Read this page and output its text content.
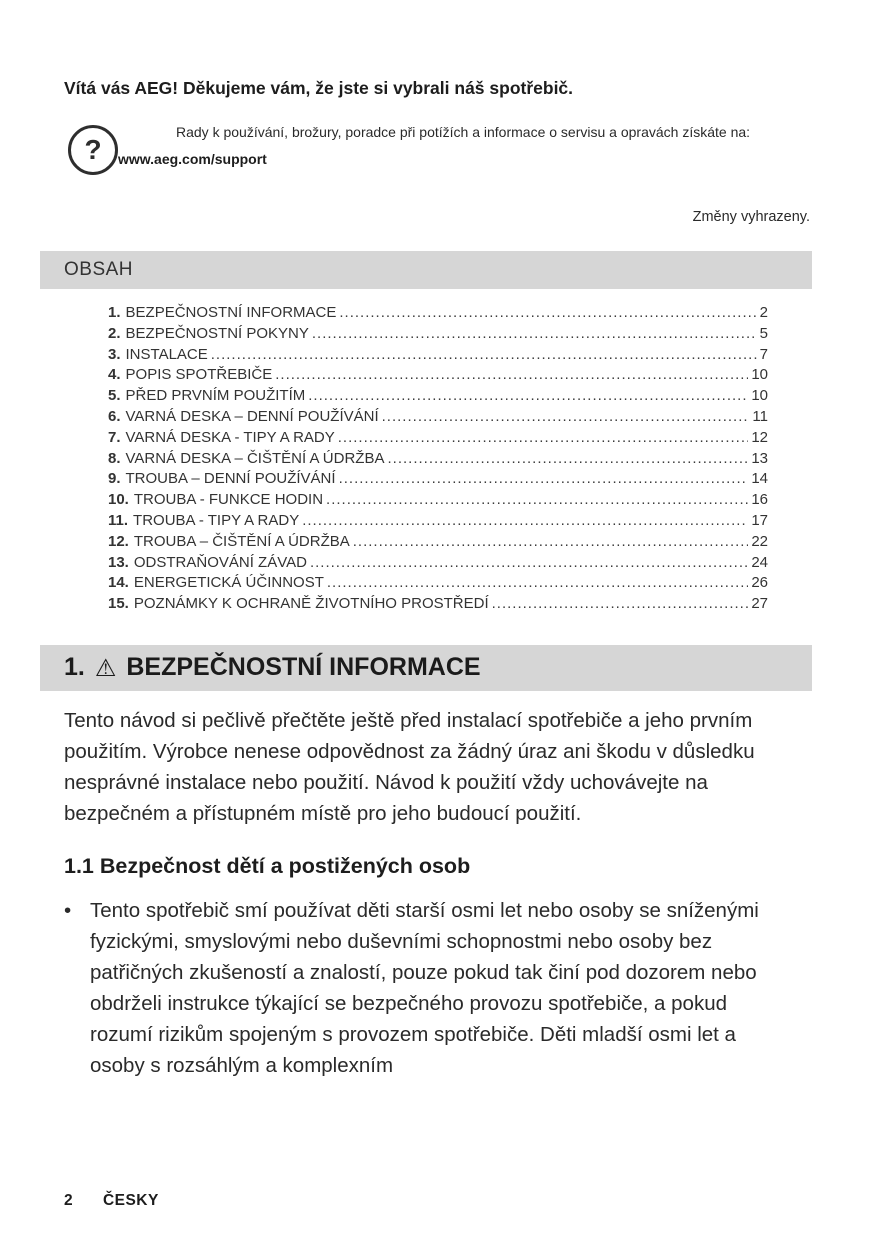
Vítá vás AEG! Děkujeme vám, že jste si vybrali náš spotřebič.
?
Rady k používání, brožury, poradce při potížích a informace o servisu a opravách získáte na:
www.aeg.com/support
Změny vyhrazeny.
OBSAH
1. BEZPEČNOSTNÍ INFORMACE .....	2
2. BEZPEČNOSTNÍ POKYNY .....	5
3. INSTALACE .....	7
4. POPIS SPOTŘEBIČE .....	10
5. PŘED PRVNÍM POUŽITÍM .....	10
6. VARNÁ DESKA – DENNÍ POUŽÍVÁNÍ .....	11
7. VARNÁ DESKA - TIPY A RADY .....	12
8. VARNÁ DESKA – ČIŠTĚNÍ A ÚDRŽBA .....	13
9. TROUBA – DENNÍ POUŽÍVÁNÍ .....	14
10. TROUBA - FUNKCE HODIN .....	16
11. TROUBA - TIPY A RADY .....	17
12. TROUBA – ČIŠTĚNÍ A ÚDRŽBA .....	22
13. ODSTRAŇOVÁNÍ ZÁVAD .....	24
14. ENERGETICKÁ ÚČINNOST .....	26
15. POZNÁMKY K OCHRANĚ ŽIVOTNÍHO PROSTŘEDÍ .....	27
1. ⚠ BEZPEČNOSTNÍ INFORMACE
Tento návod si pečlivě přečtěte ještě před instalací spotřebiče a jeho prvním použitím. Výrobce nenese odpovědnost za žádný úraz ani škodu v důsledku nesprávné instalace nebo použití. Návod k použití vždy uchovávejte na bezpečném a přístupném místě pro jeho budoucí použití.
1.1 Bezpečnost dětí a postižených osob
• Tento spotřebič smí používat děti starší osmi let nebo osoby se sníženými fyzickými, smyslovými nebo duševními schopnostmi nebo osoby bez patřičných zkušeností a znalostí, pouze pokud tak činí pod dozorem nebo obdrželi instrukce týkající se bezpečného provozu spotřebiče, a pokud rozumí rizikům spojeným s provozem spotřebiče. Děti mladší osmi let a osoby s rozsáhlým a komplexním
2 ČESKY
